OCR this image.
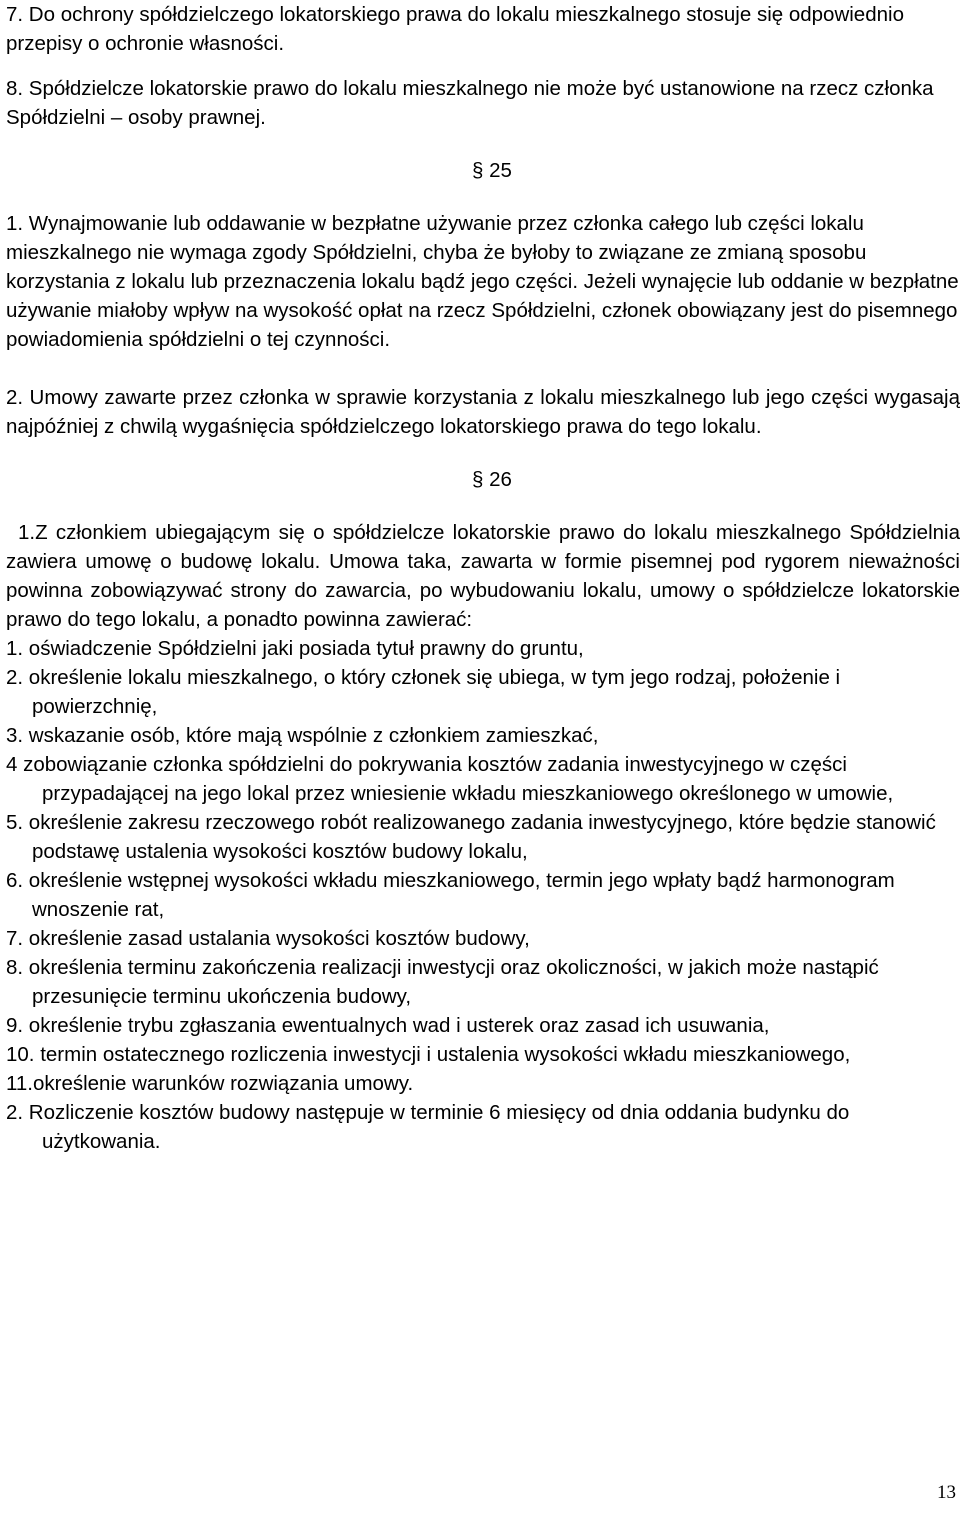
7. Do ochrony spółdzielczego lokatorskiego prawa do lokalu mieszkalnego stosuje się odpowiednio przepisy o ochronie własności.

8. Spółdzielcze lokatorskie prawo do lokalu mieszkalnego nie może być ustanowione na rzecz członka Spółdzielni – osoby prawnej.

§ 25

1. Wynajmowanie lub oddawanie w bezpłatne używanie przez członka całego lub części lokalu mieszkalnego nie wymaga zgody Spółdzielni, chyba że byłoby to związane ze zmianą sposobu korzystania z lokalu lub przeznaczenia lokalu bądź jego części. Jeżeli wynajęcie lub oddanie w bezpłatne używanie miałoby wpływ na wysokość opłat na rzecz Spółdzielni, członek obowiązany jest do pisemnego powiadomienia spółdzielni o tej czynności.

2. Umowy zawarte przez członka w sprawie korzystania z lokalu mieszkalnego lub jego części wygasają najpóźniej z chwilą wygaśnięcia spółdzielczego lokatorskiego prawa do tego lokalu.

§ 26

1.Z członkiem ubiegającym się o spółdzielcze lokatorskie prawo do lokalu mieszkalnego Spółdzielnia zawiera umowę o budowę lokalu. Umowa taka, zawarta w formie pisemnej pod rygorem nieważności powinna zobowiązywać strony do zawarcia, po wybudowaniu lokalu, umowy o spółdzielcze lokatorskie prawo do tego lokalu, a ponadto powinna zawierać:

1. oświadczenie Spółdzielni jaki posiada tytuł prawny do gruntu,

2. określenie lokalu mieszkalnego, o który członek się ubiega, w tym jego rodzaj, położenie i powierzchnię,

3. wskazanie osób, które mają wspólnie z członkiem zamieszkać,

4 zobowiązanie członka spółdzielni do pokrywania kosztów zadania inwestycyjnego w części przypadającej na jego lokal przez wniesienie wkładu mieszkaniowego określonego w umowie,

5. określenie zakresu rzeczowego robót realizowanego zadania inwestycyjnego, które będzie stanowić podstawę ustalenia wysokości kosztów budowy lokalu,

6. określenie wstępnej wysokości wkładu mieszkaniowego, termin jego wpłaty bądź harmonogram wnoszenie rat,

7. określenie zasad ustalania wysokości kosztów budowy,

8. określenia terminu zakończenia realizacji inwestycji oraz okoliczności, w jakich może nastąpić przesunięcie terminu ukończenia budowy,

9. określenie trybu zgłaszania ewentualnych wad i usterek oraz zasad ich usuwania,

10. termin ostatecznego rozliczenia inwestycji i ustalenia wysokości wkładu mieszkaniowego,

11.określenie warunków rozwiązania umowy.

2. Rozliczenie kosztów budowy następuje w terminie 6 miesięcy od dnia oddania budynku do użytkowania.

13
